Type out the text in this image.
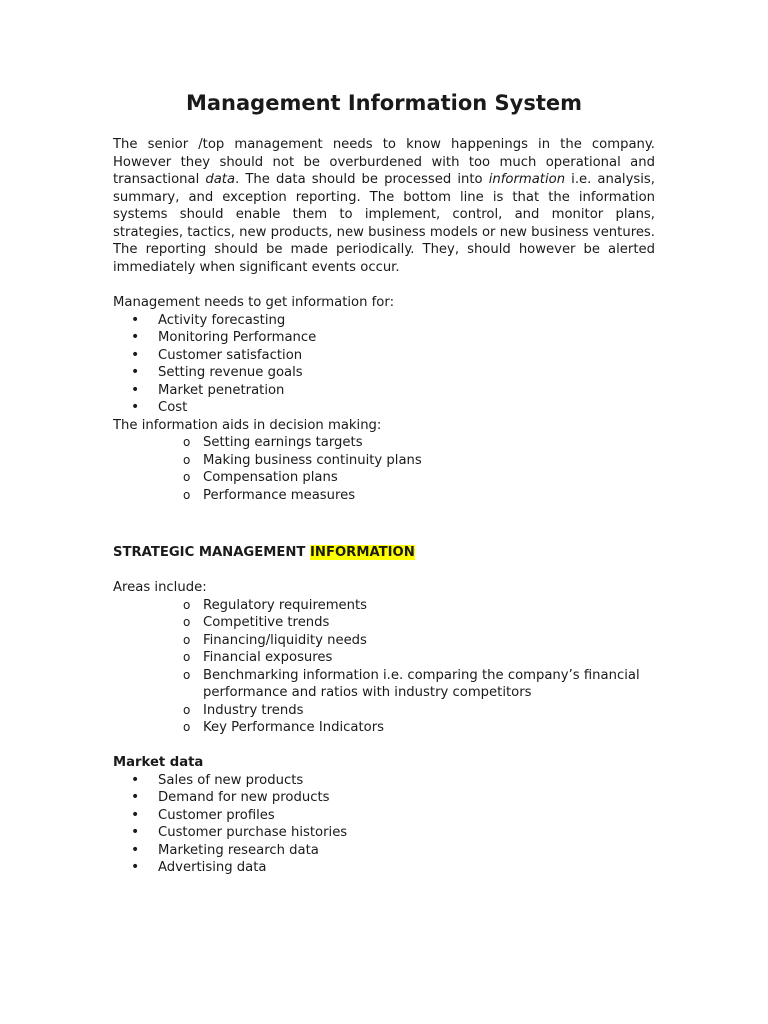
Management Information System

The senior /top management needs to know happenings in the company. However they should not be overburdened with too much operational and transactional data. The data should be processed into information i.e. analysis, summary, and exception reporting. The bottom line is that the information systems should enable them to implement, control, and monitor plans, strategies, tactics, new products, new business models or new business ventures. The reporting should be made periodically. They, should however be alerted immediately when significant events occur.

Management needs to get information for:
• Activity forecasting
• Monitoring Performance
• Customer satisfaction
• Setting revenue goals
• Market penetration
• Cost
The information aids in decision making:
o Setting earnings targets
o Making business continuity plans
o Compensation plans
o Performance measures
STRATEGIC MANAGEMENT INFORMATION
Areas include:
o Regulatory requirements
o Competitive trends
o Financing/liquidity needs
o Financial exposures
o Benchmarking information i.e. comparing the company’s financial performance and ratios with industry competitors
o Industry trends
o Key Performance Indicators
Market data
• Sales of new products
• Demand for new products
• Customer profiles
• Customer purchase histories
• Marketing research data
• Advertising data
